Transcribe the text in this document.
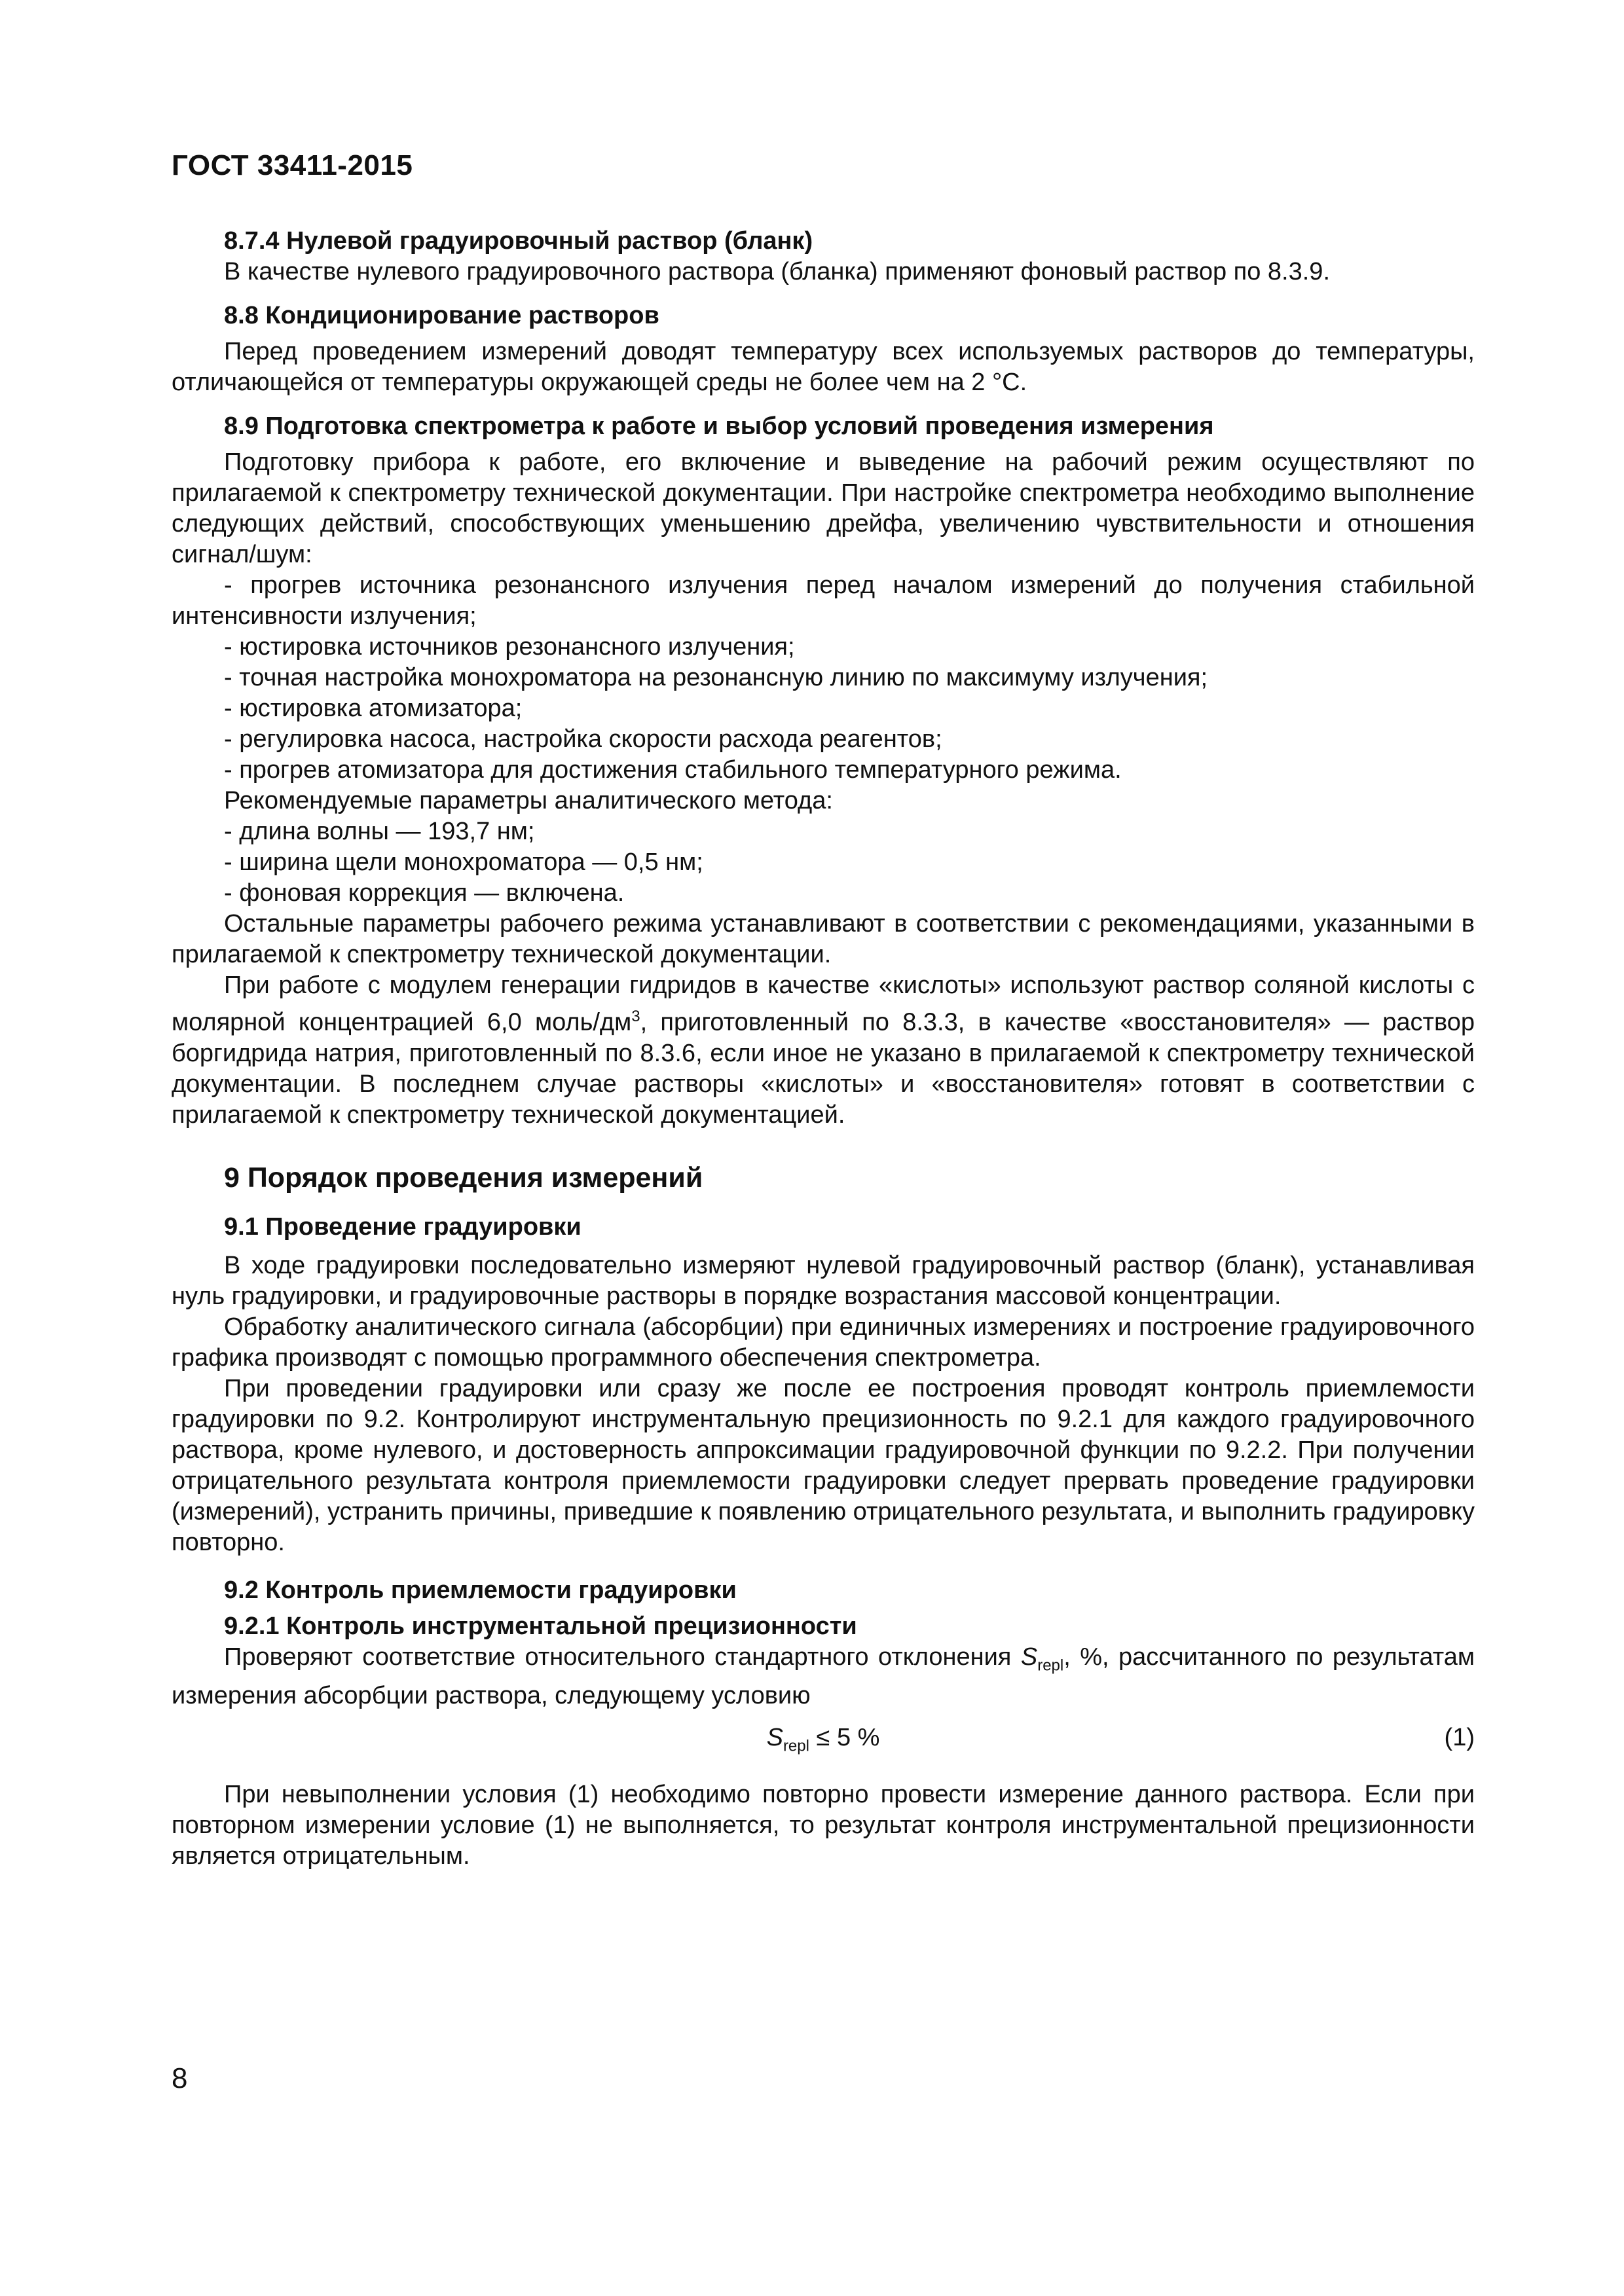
ГОСТ 33411-2015
8.7.4 Нулевой градуировочный раствор (бланк)

В качестве нулевого градуировочного раствора (бланка) применяют фоновый раствор по 8.3.9.

8.8 Кондиционирование растворов

Перед проведением измерений доводят температуру всех используемых растворов до температуры, отличающейся от температуры окружающей среды не более чем на 2 °С.

8.9 Подготовка спектрометра к работе и выбор условий проведения измерения

Подготовку прибора к работе, его включение и выведение на рабочий режим осуществляют по прилагаемой к спектрометру технической документации. При настройке спектрометра необходимо выполнение следующих действий, способствующих уменьшению дрейфа, увеличению чувствительности и отношения сигнал/шум:

- прогрев источника резонансного излучения перед началом измерений до получения стабильной интенсивности излучения;

- юстировка источников резонансного излучения;

- точная настройка монохроматора на резонансную линию по максимуму излучения;

- юстировка атомизатора;

- регулировка насоса, настройка скорости расхода реагентов;

- прогрев атомизатора для достижения стабильного температурного режима.

Рекомендуемые параметры аналитического метода:

- длина волны — 193,7 нм;

- ширина щели монохроматора — 0,5 нм;

- фоновая коррекция — включена.

Остальные параметры рабочего режима устанавливают в соответствии с рекомендациями, указанными в прилагаемой к спектрометру технической документации.

При работе с модулем генерации гидридов в качестве «кислоты» используют раствор соляной кислоты с молярной концентрацией 6,0 моль/$дм^3$, приготовленный по 8.3.3, в качестве «восстановителя» — раствор боргидрида натрия, приготовленный по 8.3.6, если иное не указано в прилагаемой к спектрометру технической документации. В последнем случае растворы «кислоты» и «восстановителя» готовят в соответствии с прилагаемой к спектрометру технической документацией.

9 Порядок проведения измерений
9.1 Проведение градуировки

В ходе градуировки последовательно измеряют нулевой градуировочный раствор (бланк), устанавливая нуль градуировки, и градуировочные растворы в порядке возрастания массовой концентрации.

Обработку аналитического сигнала (абсорбции) при единичных измерениях и построение градуировочного графика производят с помощью программного обеспечения спектрометра.

При проведении градуировки или сразу же после ее построения проводят контроль приемлемости градуировки по 9.2. Контролируют инструментальную прецизионность по 9.2.1 для каждого градуировочного раствора, кроме нулевого, и достоверность аппроксимации градуировочной функции по 9.2.2. При получении отрицательного результата контроля приемлемости градуировки следует прервать проведение градуировки (измерений), устранить причины, приведшие к появлению отрицательного результата, и выполнить градуировку повторно.

9.2 Контроль приемлемости градуировки
9.2.1 Контроль инструментальной прецизионности

Проверяют соответствие относительного стандартного отклонения $S_{repl}$, %, рассчитанного по результатам измерения абсорбции раствора, следующему условию

$S_{repl} \le 5$ %	(1)

При невыполнении условия (1) необходимо повторно провести измерение данного раствора. Если при повторном измерении условие (1) не выполняется, то результат контроля инструментальной прецизионности является отрицательным.

8
